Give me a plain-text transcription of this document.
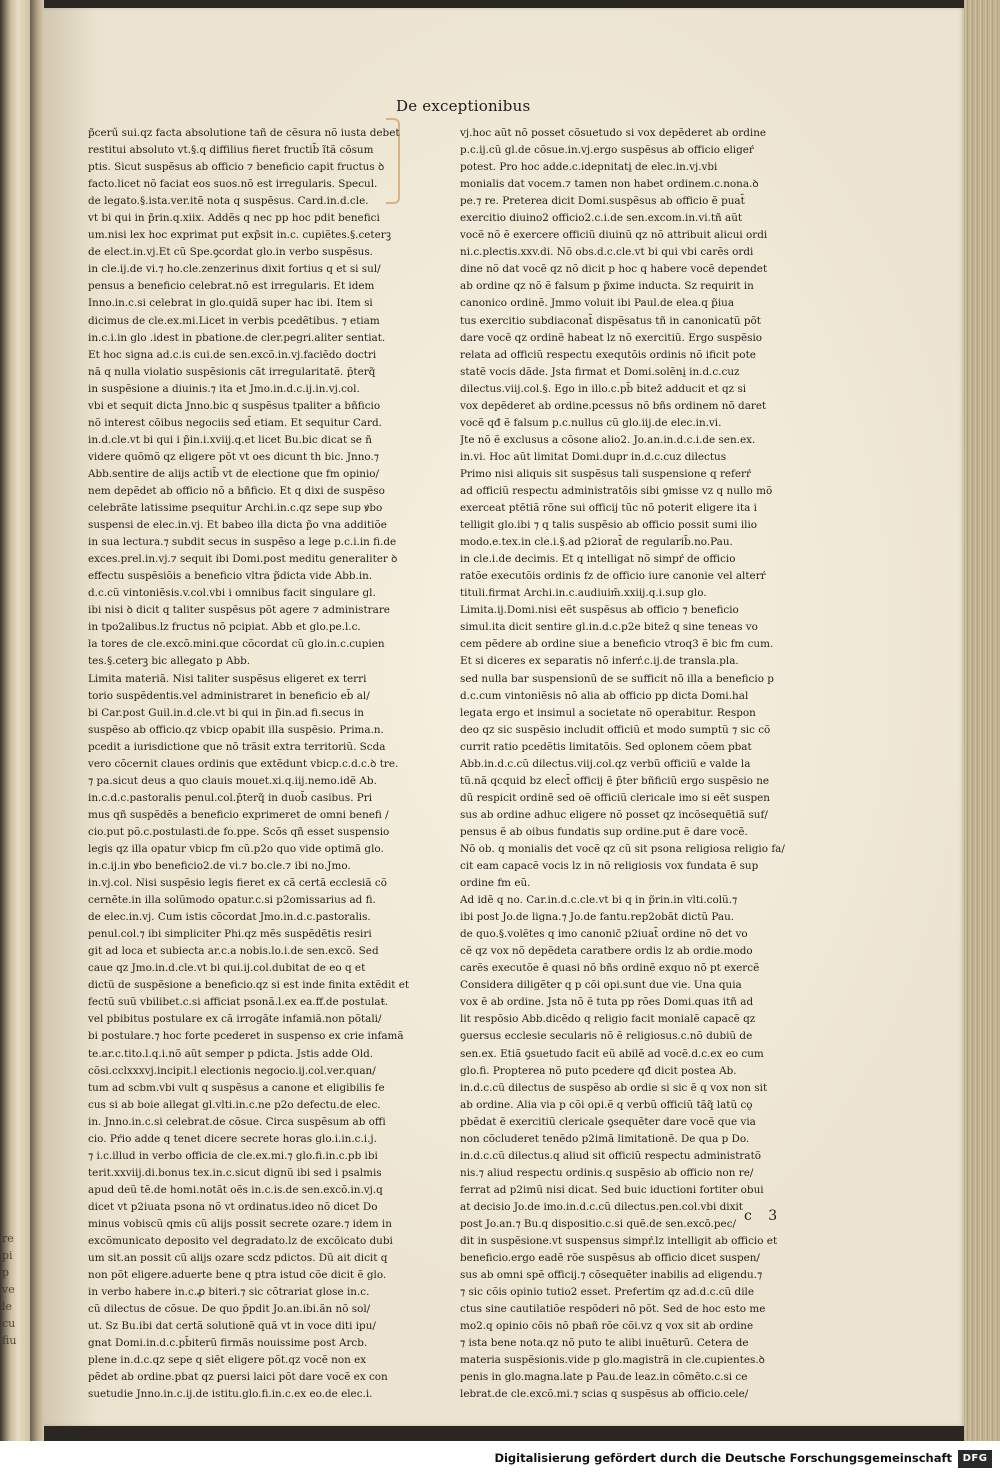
re
pi
p
ve
le
cu
fiu
De exceptionibus
p̃cerű sui.qz facta absolutione tañ de cẽsura nõ iusta debet
restitui absoluto vt.§.q diffilius fieret fructib̄ ĩtã cõsum
ptis. Sicut suspẽsus ab officio ⁊ beneficio capit fructus ꝺ
facto.licet nõ faciat eos suos.nõ est irregularis. Specul.
de legato.§.ista.ver.itẽ nota q suspẽsus. Card.in.d.cle.
vt bi qui in p̃rin.q.xiix. Addẽs q nec pp hoc pdit benefici
um.nisi lex hoc exprimat put exp̃sit in.c. cupiẽtes.§.ceterꝫ
de elect.in.vj.Et cũ Spe.ꝯcordat glo.in verbo suspẽsus.
in cle.ij.de vi.⁊ ho.cle.zenzerinus dixit fortius q et si sul/
pensus a beneficio celebrat.nõ est irregularis. Et idem
Inno.in.c.si celebrat in glo.quidã super hac ibi. Item si
dicimus de cle.ex.mi.Licet in verbis pcedẽtibus. ⁊ etiam
in.c.i.in glo .idest in pbatione.de cler.pegri.aliter sentiat.
Et hoc signa ad.c.is cui.de sen.excõ.in.vj.faciẽdo doctri
nã q nulla violatio suspẽsionis cãt irregularitatẽ. p̄terq̃
in suspẽsione a diuinis.⁊ ita et Jmo.in.d.c.ij.in.vj.col.
vbi et sequit dicta Jnno.bic q suspẽsus tpaliter a bñficio
nõ interest cõibus negociis sed̄ etiam. Et sequitur Card.
in.d.cle.vt bi qui i p̃in.i.xviij.q.et licet Bu.bic dicat se ñ
videre quõmõ qz eligere põt vt oes dicunt th bic. Jnno.⁊
Abb.sentire de alijs actib̄ vt de electione que fm opinio/
nem depẽdet ab officio nõ a bñficio. Et q dixi de suspẽso
celebrãte latissime psequitur Archi.in.c.qz sepe sup ꝟbo
suspensi de elec.in.vj. Et babeo illa dicta p̃o vna additiõe
in sua lectura.⁊ subdit secus in suspẽso a lege p.c.i.in fi.de
exces.prel.in.vj.⁊ sequit ibi Domi.post meditu generaliter ꝺ
effectu suspẽsiõis a beneficio vltra p̃dicta vide Abb.in.
d.c.cũ vintoniẽsis.v.col.vbi i omnibus facit singulare gl.
ibi nisi ꝺ dicit q taliter suspẽsus põt agere ⁊ administrare
in tpo2alibus.lz fructus nõ pcipiat. Abb et glo.pe.l.c.
la tores de cle.excõ.mini.que cõcordat cũ glo.in.c.cupien
tes.§.ceterꝫ bic allegato p Abb.
Limita materiã. Nisi taliter suspẽsus eligeret ex terri
torio suspẽdentis.vel administraret in beneficio eb̄ al/
bi Car.post Guil.in.d.cle.vt bi qui in p̃in.ad fi.secus in
suspẽso ab officio.qz vbicp opabit illa suspẽsio. Prima.n.
pcedit a iurisdictione que nõ trãsit extra territoriũ. Scda
vero cõcernit claues ordinis que extẽdunt vbicp.c.d.c.ꝺ tre.
⁊ pa.sicut deus a quo clauis mouet.xi.q.iij.nemo.idẽ Ab.
in.c.d.c.pastoralis penul.col.p̄terq̃ in duob̄ casibus. Pri
mus qñ suspẽdẽs a beneficio exprimeret de omni benefi /
cio.put põ.c.postulasti.de fo.ppe. Scõs qñ esset suspensio
legis qz illa opatur vbicp fm cũ.p2o quo vide optimã glo.
in.c.ij.in ꝟbo beneficio2.de vi.⁊ bo.cle.⁊ ibi no.Jmo.
in.vj.col. Nisi suspẽsio legis fieret ex cã certã ecclesiã cõ
cernẽte.in illa solũmodo opatur.c.si p2omissarius ad fi.
de elec.in.vj. Cum istis cõcordat Jmo.in.d.c.pastoralis.
penul.col.⁊ ibi simpliciter Phi.qz mẽs suspẽdẽtis resiri
git ad loca et subiecta ar.c.a nobis.lo.i.de sen.excõ. Sed
caue qz Jmo.in.d.cle.vt bi qui.ij.col.dubitat de eo q et
dictũ de suspẽsione a beneficio.qz si est inde finita extẽdit et
fectũ suũ vbilibet.c.si afficiat psonã.l.ex ea.ff.de postulaŧ.
vel pbibitus postulare ex cã irrogãte infamiã.non põtali/
bi postulare.⁊ hoc forte pcederet in suspenso ex crie infamã
te.ar.c.tito.l.q.i.nõ aũt semper p pdicta. Jstis adde Old.
cõsi.cclxxxvj.incipit.l electionis negocio.ij.col.ver.quan/
tum ad scbm.vbi vult q suspẽsus a canone et eligibilis fe
cus si ab boie allegat gl.vlti.in.c.ne p2o defectu.de elec.
in. Jnno.in.c.si celebrat.de cõsue. Circa suspẽsum ab offi
cio. Pŕio adde q tenet dicere secrete horas glo.i.in.c.i.j.
⁊ i.c.illud in verbo officia de cle.ex.mi.⁊ glo.fi.in.c.pb ibi
terit.xxviij.di.bonus tex.in.c.sicut dignũ ibi sed i psalmis
apud deũ tẽ.de homi.notãt oẽs in.c.is.de sen.excõ.in.vj.q
dicet vt p2iuata psona nõ vt ordinatus.ideo nõ dicet Do
minus vobiscũ qmis cũ alijs possit secrete ozare.⁊ idem in
excõmunicato deposito vel degradato.lz de excõicato dubi
um sit.an possit cũ alijs ozare scdz pdictos. Dũ ait dicit q
non põt eligere.aduerte bene q ptra istud cõe dicit ẽ glo.
in verbo habere in.c.ꝓ biteri.⁊ sic cõtrariat glose in.c.
cũ dilectus de cõsue. De quo p̄pdit Jo.an.ibi.ãn nõ sol/
ut. Sz Bu.ibi dat certã solutionẽ quã vt in voce diti ipu/
gnat Domi.in.d.c.pb̄iterũ firmãs nouissime post Arcb.
plene in.d.c.qz sepe q siẽt eligere põt.qz vocẽ non ex
pẽdet ab ordine.pbat qz ꝑuersi laici põt dare vocẽ ex con
suetudie Jnno.in.c.ij.de istitu.glo.fi.in.c.ex eo.de elec.i.
vj.hoc aũt nõ posset cõsuetudo si vox depẽderet ab ordine
p.c.ij.cũ gl.de cõsue.in.vj.ergo suspẽsus ab officio eligeŕ
potest. Pro hoc adde.c.idepnitati̱ de elec.in.vj.vbi
monialis dat vocem.⁊ tamen non habet ordinem.c.nona.ꝺ
pe.⁊ re. Preterea dicit Domi.suspẽsus ab officio ẽ puat̄
exercitio diuino2 officio2.c.i.de sen.excom.in.vi.tñ aũt
vocẽ nõ ẽ exercere officiũ diuinũ qz nõ attribuit alicui ordi
ni.c.plectis.xxv.di. Nõ obs.d.c.cle.vt bi qui vbi carẽs ordi
dine nõ dat vocẽ qz nõ dicit p hoc q habere vocẽ dependet
ab ordine qz nõ ẽ falsum p p̃xime inducta. Sz requirit in
canonico ordinẽ. Jmmo voluit ibi Paul.de elea.q p̃iua
tus exercitio subdiaconat̄ dispẽsatus tñ in canonicatũ põt
dare vocẽ qz ordinẽ habeat lz nõ exercitiũ. Ergo suspẽsio
relata ad officiũ respectu exequtõis ordinis nõ ificit pote
statẽ vocis dãde. Jsta firmat et Domi.solẽni̱ in.d.c.cuz
dilectus.viij.col.§. Ego in illo.c.pb̄ bitez̄ adducit et qz si
vox depẽderet ab ordine.pcessus nõ bñs ordinem nõ daret
vocẽ qđ ẽ falsum p.c.nullus cũ glo.iij.de elec.in.vi.
Jte nõ ẽ exclusus a cõsone alio2. Jo.an.in.d.c.i.de sen.ex.
in.vi. Hoc aũt limitat Domi.dupr in.d.c.cuz dilectus
Primo nisi aliquis sit suspẽsus tali suspensione q referŕ
ad officiũ respectu administratõis sibi ꝯmisse vz q nullo mõ
exerceat ptẽtiã rõne sui officij tũc nõ poterit eligere ita i
telligit glo.ibi ⁊ q talis suspẽsio ab officio possit sumi ilio
modo.e.tex.in cle.i.§.ad p2iorat̄ de regularib̄.no.Pau.
in cle.i.de decimis. Et q intelligat nõ simpŕ de officio
ratõe executõis ordinis fz de officio iure canonie vel alterŕ
tituli.firmat Archi.in.c.audiuim̄.xxiij.q.i.sup glo.
Limita.ij.Domi.nisi eẽt suspẽsus ab officio ⁊ beneficio
simul.ita dicit sentire gl.in.d.c.p2e bitez̄ q sine teneas vo
cem pẽdere ab ordine siue a beneficio vtroq3 ẽ bic fm cum.
Et si diceres ex separatis nõ inferŕ.c.ij.de transla.pla.
sed nulla bar suspensionũ de se sufficit nõ illa a beneficio p
d.c.cum vintoniẽsis nõ alia ab officio pp dicta Domi.hal
legata ergo et insimul a societate nõ operabitur. Respon
deo qz sic suspẽsio includit officiũ et modo sumptũ ⁊ sic cõ
currit ratio pcedẽtis limitatõis. Sed oplonem cõem pbat
Abb.in.d.c.cũ dilectus.viij.col.qz verbũ officiũ e valde la
tũ.nã qcquid bz elect̄ officij ẽ p̄ter bñficiũ ergo suspẽsio ne
dũ respicit ordinẽ sed oẽ officiũ clericale imo si eẽt suspen
sus ab ordine adhuc eligere nõ posset qz incõsequẽtiã suf/
pensus ẽ ab oibus fundatis sup ordine.put ẽ dare vocẽ.
Nõ ob. q monialis det vocẽ qz cũ sit psona religiosa religio fa/
cit eam capacẽ vocis lz in nõ religiosis vox fundata ẽ sup
ordine fm eũ.
Ad idẽ q no. Car.in.d.c.cle.vt bi q in p̃rin.in vlti.colũ.⁊
ibi post Jo.de ligna.⁊ Jo.de fantu.rep2obãt dictũ Pau.
de quo.§.volẽtes q imo canonic̄ p2iuat̄ ordine nõ det vo
cẽ qz vox nõ depẽdeta caratbere ordis lz ab ordie.modo
carẽs executõe ẽ quasi nõ bñs ordinẽ exquo nõ pt exercẽ
Considera diligẽter q p cõi opi.sunt due vie. Una quia
vox ẽ ab ordine. Jsta nõ ẽ tuta pp rões Domi.quas itñ ad
lit respõsio Abb.dicẽdo q religio facit monialẽ capacẽ qz
ꝯuersus ecclesie secularis nõ ẽ religiosus.c.nõ dubiũ de
sen.ex. Etiã ꝯsuetudo facit eũ abilẽ ad vocẽ.d.c.ex eo cum
glo.fi. Propterea nõ puto pcedere qđ dicit postea Ab.
in.d.c.cũ dilectus de suspẽso ab ordie si sic ẽ q vox non sit
ab ordine. Alia via p cõi opi.ẽ q verbũ officiũ tãq̃ latũ co̱
pbẽdat ẽ exercitiũ clericale ꝯsequẽter dare vocẽ que via
non cõcluderet tenẽdo p2imã limitationẽ. De qua p Do.
in.d.c.cũ dilectus.q aliud sit officiũ respectu administratõ
nis.⁊ aliud respectu ordinis.q suspẽsio ab officio non re/
ferrat ad p2imũ nisi dicat. Sed buic iductioni fortiter obui
at decisio Jo.de imo.in.d.c.cũ dilectus.pen.col.vbi dixit
post Jo.an.⁊ Bu.q dispositio.c.si quẽ.de sen.excõ.pec/
dit in suspẽsione.vt suspensus simpŕ.lz intelligit ab officio et
beneficio.ergo eadẽ rõe suspẽsus ab officio dicet suspen/
sus ab omni spẽ officij.⁊ cõsequẽter inabilis ad eligendu.⁊
⁊ sic cõis opinio tutio2 esset. Prefertim qz ad.d.c.cũ dile
ctus sine cautilatiõe respõderi nõ põt. Sed de hoc esto me
mo2.q opinio cõis nõ pbañ rõe cõi.vz q vox sit ab ordine
⁊ ista bene nota.qz nõ puto te alibi inuẽturũ. Cetera de
materia suspẽsionis.vide p glo.magistrã in cle.cupientes.ꝺ
penis in glo.magna.late p Pau.de leaz.in cõmẽto.c.si ce
lebrat.de cle.excõ.mi.⁊ scias q suspẽsus ab officio.cele/
c 3
Digitalisierung gefördert durch die Deutsche Forschungsgemeinschaft	DFG
